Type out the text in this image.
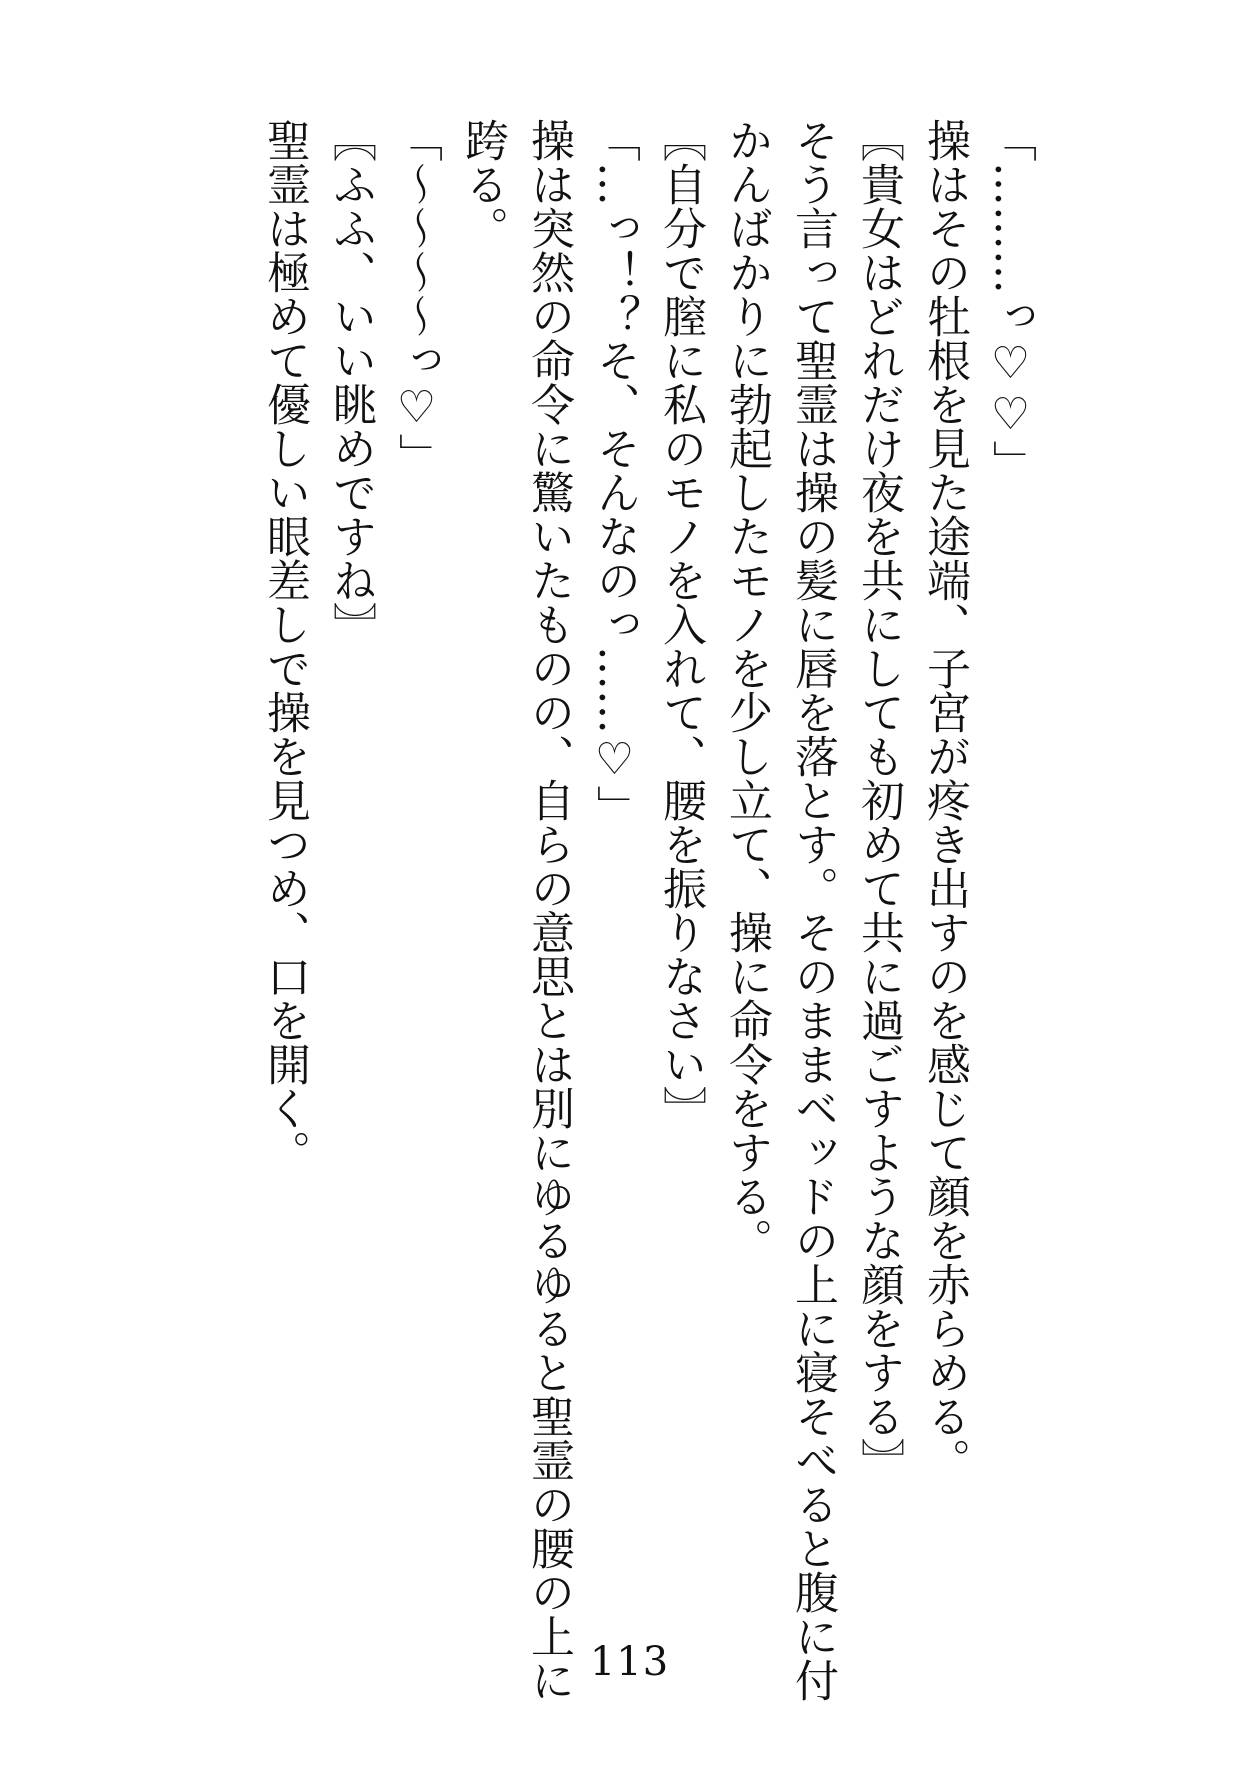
「………っ♡♡」
操はその牡根を見た途端、子宮が疼き出すのを感じて顔を赤らめる。
〖貴女はどれだけ夜を共にしても初めて共に過ごすような顔をする〗
そう言って聖霊は操の髪に唇を落とす。そのままベッドの上に寝そべると腹に付
かんばかりに勃起したモノを少し立て、操に命令をする。
〖自分で膣に私のモノを入れて、腰を振りなさい〗
「…っ！？そ、そんなのっ……♡」
操は突然の命令に驚いたものの、自らの意思とは別にゆるゆると聖霊の腰の上に
跨る。
「〜〜〜〜っ♡」
〖ふふ、いい眺めですね〗
聖霊は極めて優しい眼差しで操を見つめ、口を開く。
113
